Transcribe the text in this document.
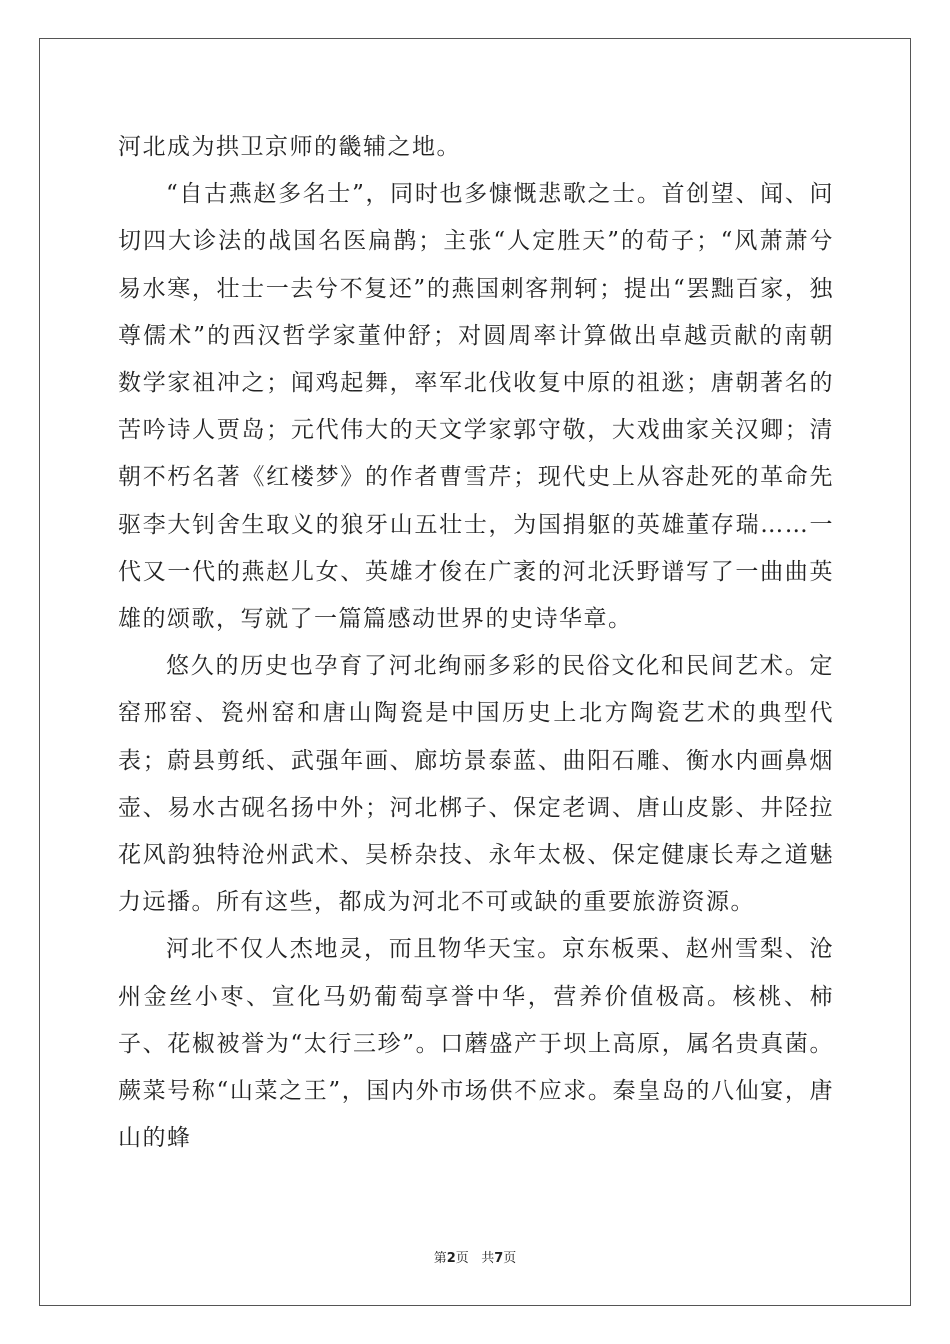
河北成为拱卫京师的畿辅之地。

“自古燕赵多名士”，同时也多慷慨悲歌之士。首创望、闻、问切四大诊法的战国名医扁鹊；主张“人定胜天”的荀子；“风萧萧兮易水寒，壮士一去兮不复还”的燕国刺客荆轲；提出“罢黜百家，独尊儒术”的西汉哲学家董仲舒；对圆周率计算做出卓越贡献的南朝数学家祖冲之；闻鸡起舞，率军北伐收复中原的祖逖；唐朝著名的苦吟诗人贾岛；元代伟大的天文学家郭守敬，大戏曲家关汉卿；清朝不朽名著《红楼梦》的作者曹雪芹；现代史上从容赴死的革命先驱李大钊舍生取义的狼牙山五壮士，为国捐躯的英雄董存瑞……一代又一代的燕赵儿女、英雄才俊在广袤的河北沃野谱写了一曲曲英雄的颂歌，写就了一篇篇感动世界的史诗华章。

悠久的历史也孕育了河北绚丽多彩的民俗文化和民间艺术。定窑邢窑、瓷州窑和唐山陶瓷是中国历史上北方陶瓷艺术的典型代表；蔚县剪纸、武强年画、廊坊景泰蓝、曲阳石雕、衡水内画鼻烟壶、易水古砚名扬中外；河北梆子、保定老调、唐山皮影、井陉拉花风韵独特沧州武术、吴桥杂技、永年太极、保定健康长寿之道魅力远播。所有这些，都成为河北不可或缺的重要旅游资源。

河北不仅人杰地灵，而且物华天宝。京东板栗、赵州雪梨、沧州金丝小枣、宣化马奶葡萄享誉中华，营养价值极高。核桃、柿子、花椒被誉为“太行三珍”。口蘑盛产于坝上高原，属名贵真菌。蕨菜号称“山菜之王”，国内外市场供不应求。秦皇岛的八仙宴，唐山的蜂

第2页 共7页
